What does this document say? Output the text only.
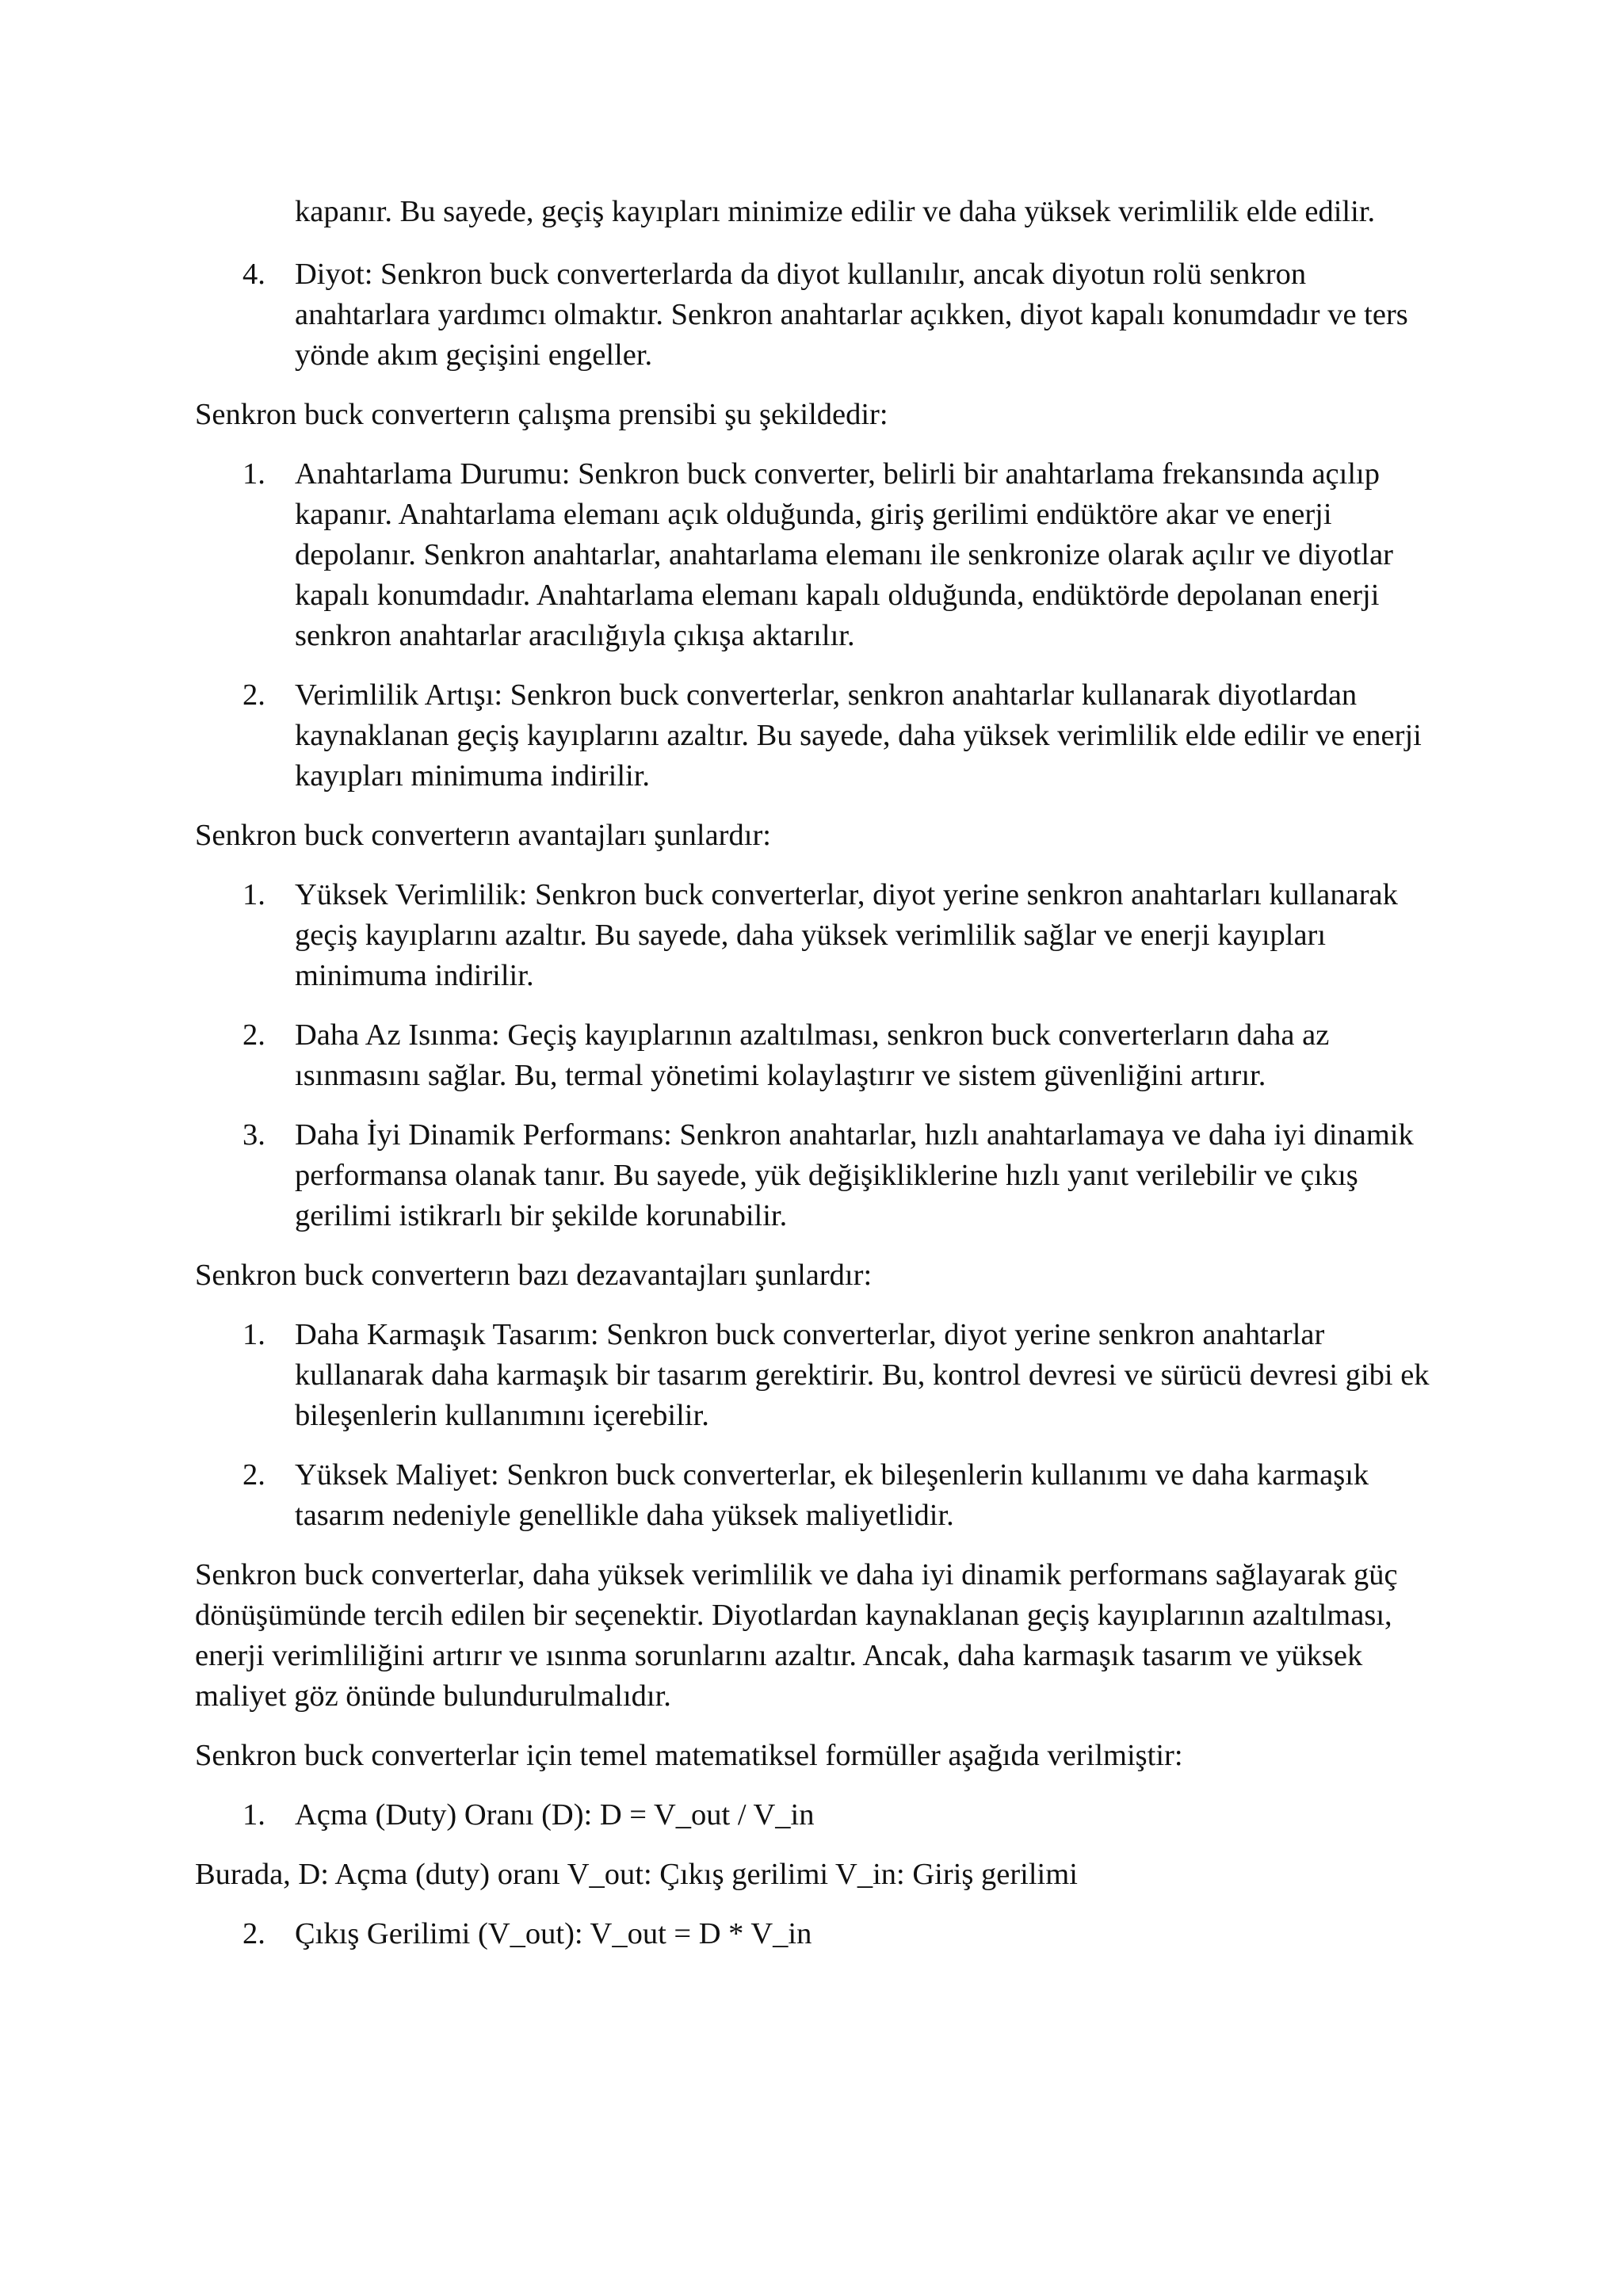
kapanır. Bu sayede, geçiş kayıpları minimize edilir ve daha yüksek verimlilik elde edilir.
4. Diyot: Senkron buck converterlarda da diyot kullanılır, ancak diyotun rolü senkron anahtarlara yardımcı olmaktır. Senkron anahtarlar açıkken, diyot kapalı konumdadır ve ters yönde akım geçişini engeller.

Senkron buck converterın çalışma prensibi şu şekildedir:

1. Anahtarlama Durumu: Senkron buck converter, belirli bir anahtarlama frekansında açılıp kapanır. Anahtarlama elemanı açık olduğunda, giriş gerilimi endüktöre akar ve enerji depolanır. Senkron anahtarlar, anahtarlama elemanı ile senkronize olarak açılır ve diyotlar kapalı konumdadır. Anahtarlama elemanı kapalı olduğunda, endüktörde depolanan enerji senkron anahtarlar aracılığıyla çıkışa aktarılır.
2. Verimlilik Artışı: Senkron buck converterlar, senkron anahtarlar kullanarak diyotlardan kaynaklanan geçiş kayıplarını azaltır. Bu sayede, daha yüksek verimlilik elde edilir ve enerji kayıpları minimuma indirilir.

Senkron buck converterın avantajları şunlardır:

1. Yüksek Verimlilik: Senkron buck converterlar, diyot yerine senkron anahtarları kullanarak geçiş kayıplarını azaltır. Bu sayede, daha yüksek verimlilik sağlar ve enerji kayıpları minimuma indirilir.
2. Daha Az Isınma: Geçiş kayıplarının azaltılması, senkron buck converterların daha az ısınmasını sağlar. Bu, termal yönetimi kolaylaştırır ve sistem güvenliğini artırır.
3. Daha İyi Dinamik Performans: Senkron anahtarlar, hızlı anahtarlamaya ve daha iyi dinamik performansa olanak tanır. Bu sayede, yük değişikliklerine hızlı yanıt verilebilir ve çıkış gerilimi istikrarlı bir şekilde korunabilir.

Senkron buck converterın bazı dezavantajları şunlardır:

1. Daha Karmaşık Tasarım: Senkron buck converterlar, diyot yerine senkron anahtarlar kullanarak daha karmaşık bir tasarım gerektirir. Bu, kontrol devresi ve sürücü devresi gibi ek bileşenlerin kullanımını içerebilir.
2. Yüksek Maliyet: Senkron buck converterlar, ek bileşenlerin kullanımı ve daha karmaşık tasarım nedeniyle genellikle daha yüksek maliyetlidir.

Senkron buck converterlar, daha yüksek verimlilik ve daha iyi dinamik performans sağlayarak güç dönüşümünde tercih edilen bir seçenektir. Diyotlardan kaynaklanan geçiş kayıplarının azaltılması, enerji verimliliğini artırır ve ısınma sorunlarını azaltır. Ancak, daha karmaşık tasarım ve yüksek maliyet göz önünde bulundurulmalıdır.

Senkron buck converterlar için temel matematiksel formüller aşağıda verilmiştir:

1. Açma (Duty) Oranı (D): D = V_out / V_in

Burada, D: Açma (duty) oranı V_out: Çıkış gerilimi V_in: Giriş gerilimi

2. Çıkış Gerilimi (V_out): V_out = D * V_in
